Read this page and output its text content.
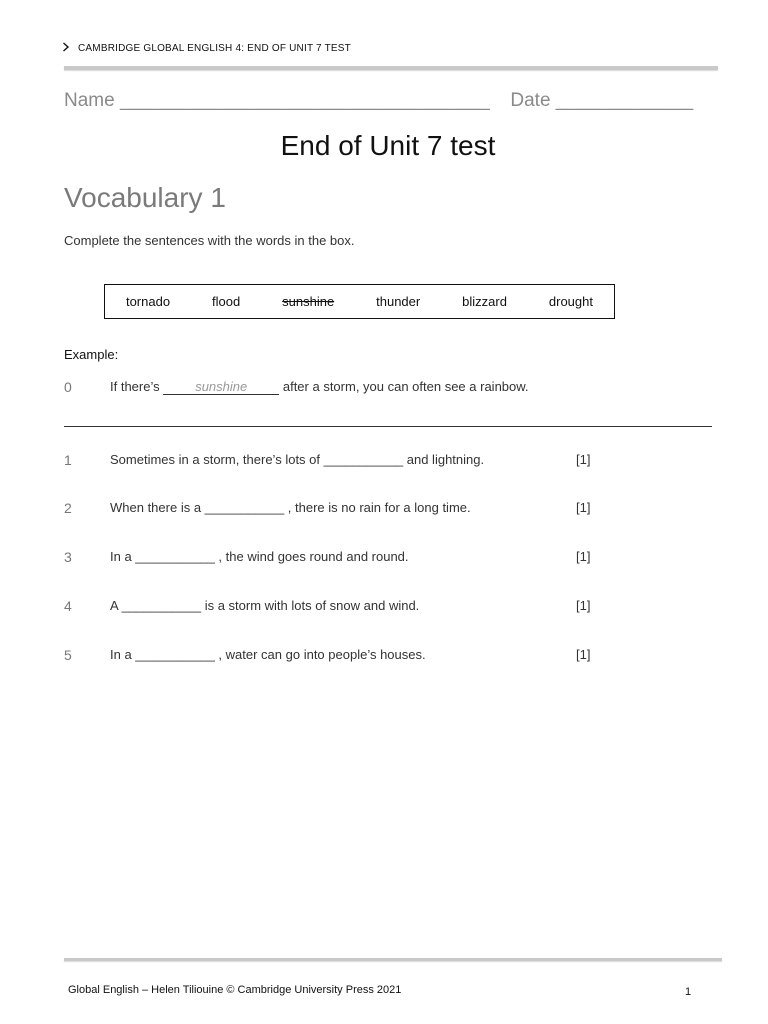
CAMBRIDGE GLOBAL ENGLISH 4: END OF UNIT 7 TEST
Name ___________________________________ Date _____________
End of Unit 7 test
Vocabulary 1
Complete the sentences with the words in the box.
tornado	flood	sunshine	thunder	blizzard	drought
Example:
0	If there’s sunshine after a storm, you can often see a rainbow.
1	Sometimes in a storm, there’s lots of ___________ and lightning.	[1]
2	When there is a ___________ , there is no rain for a long time.	[1]
3	In a ___________ , the wind goes round and round.	[1]
4	A ___________ is a storm with lots of snow and wind.	[1]
5	In a ___________ , water can go into people’s houses.	[1]
Global English – Helen Tiliouine © Cambridge University Press 2021	1
